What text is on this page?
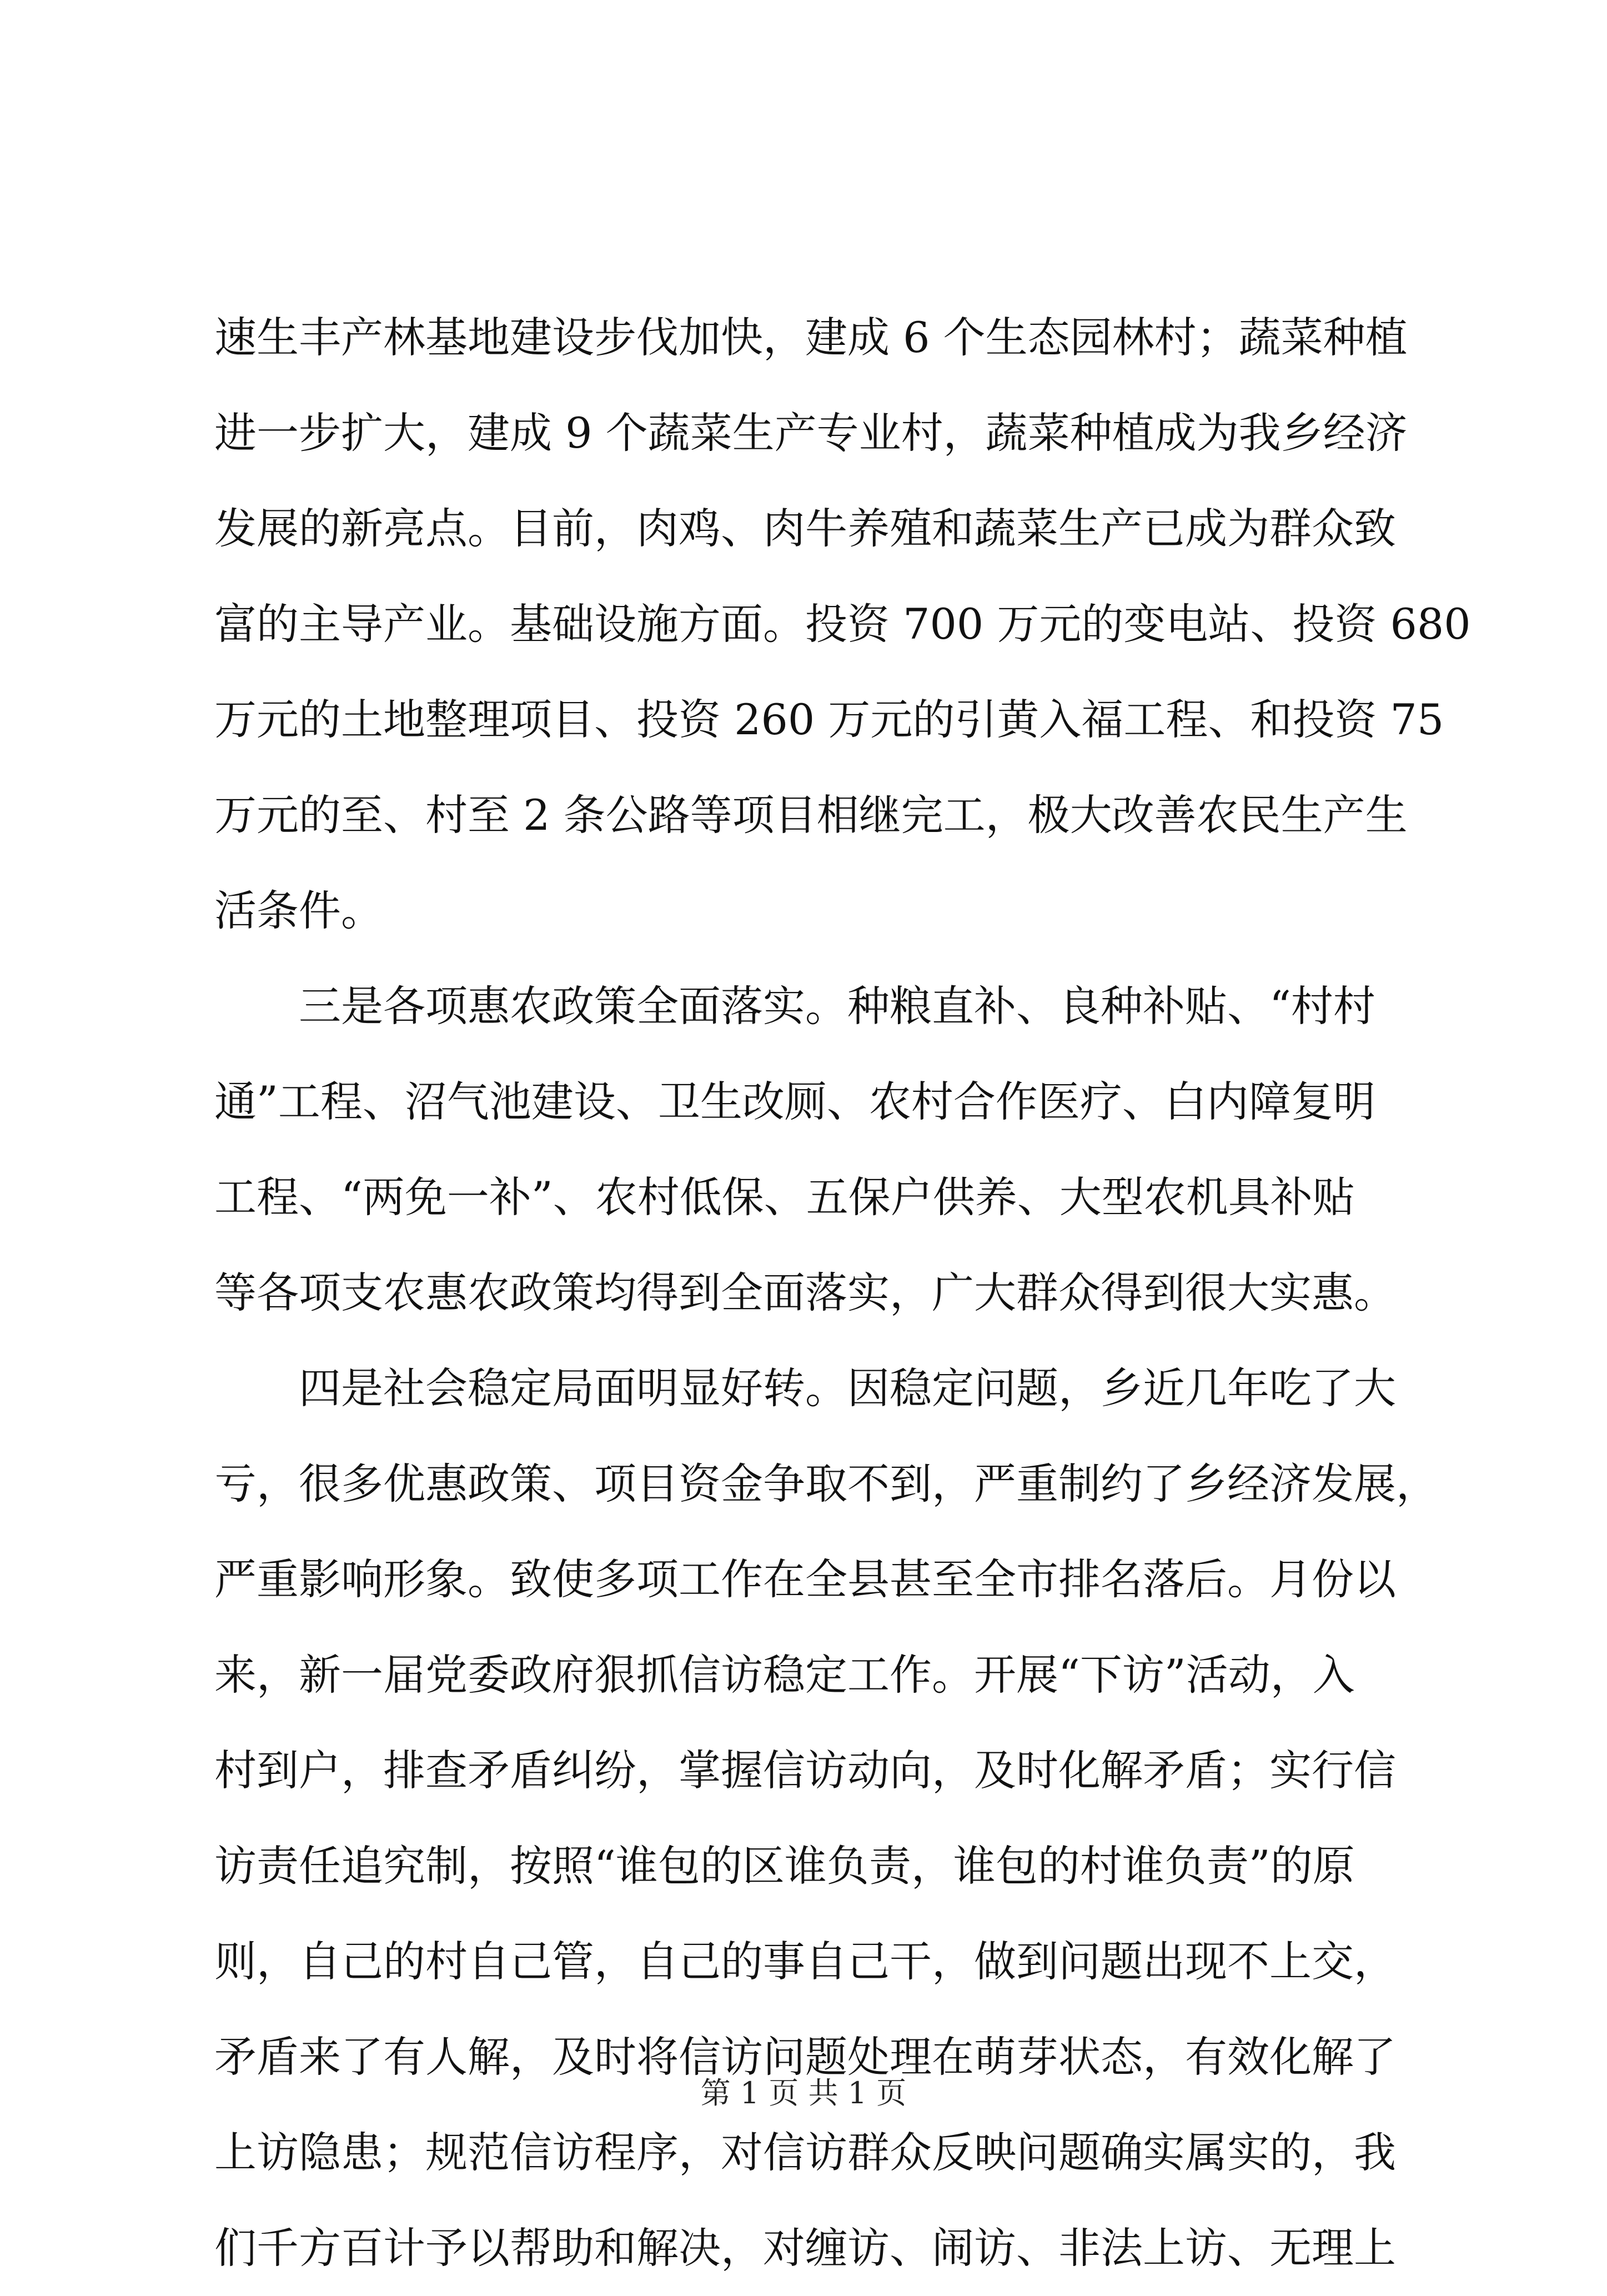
速生丰产林基地建设步伐加快，建成 6 个生态园林村；蔬菜种植
进一步扩大，建成 9 个蔬菜生产专业村，蔬菜种植成为我乡经济
发展的新亮点。目前，肉鸡、肉牛养殖和蔬菜生产已成为群众致
富的主导产业。基础设施方面。投资 700 万元的变电站、投资 680
万元的土地整理项目、投资 260 万元的引黄入福工程、和投资 75
万元的至、村至 2 条公路等项目相继完工，极大改善农民生产生
活条件。
三是各项惠农政策全面落实。种粮直补、良种补贴、“村村
通”工程、沼气池建设、卫生改厕、农村合作医疗、白内障复明
工程、“两免一补”、农村低保、五保户供养、大型农机具补贴
等各项支农惠农政策均得到全面落实，广大群众得到很大实惠。
四是社会稳定局面明显好转。因稳定问题，乡近几年吃了大
亏，很多优惠政策、项目资金争取不到，严重制约了乡经济发展，
严重影响形象。致使多项工作在全县甚至全市排名落后。月份以
来，新一届党委政府狠抓信访稳定工作。开展“下访”活动，入
村到户，排查矛盾纠纷，掌握信访动向，及时化解矛盾；实行信
访责任追究制，按照“谁包的区谁负责，谁包的村谁负责”的原
则，自己的村自己管，自己的事自己干，做到问题出现不上交，
矛盾来了有人解，及时将信访问题处理在萌芽状态，有效化解了
上访隐患；规范信访程序，对信访群众反映问题确实属实的，我
们千方百计予以帮助和解决，对缠访、闹访、非法上访、无理上
第 1 页 共 1 页
